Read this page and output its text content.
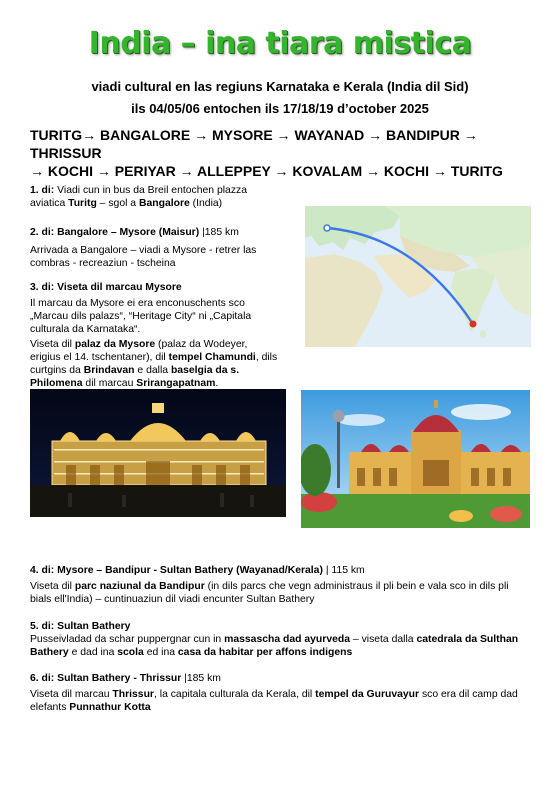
India – ina tiara mistica
viadi cultural en las regiuns Karnataka e Kerala (India dil Sid)
ils 04/05/06 entochen ils 17/18/19 d’october 2025
TURITG→ BANGALORE → MYSORE → WAYANAD → BANDIPUR → THRISSUR
→ KOCHI → PERIYAR → ALLEPPEY → KOVALAM → KOCHI → TURITG

1. di: Viadi cun in bus da Breil entochen plazza aviatica Turitg – sgol a Bangalore (India)

2. di: Bangalore – Mysore (Maisur) |185 km

Arrivada a Bangalore – viadi a Mysore - retrer las combras - recreaziun - tscheina

3. di: Viseta dil marcau Mysore

Il marcau da Mysore ei era enconuschents sco „Marcau dils palazs“, “Heritage City“ ni „Capitala culturala da Karnataka“.

Viseta dil palaz da Mysore (palaz da Wodeyer, erigius el 14. tschentaner), dil tempel Chamundi, dils curtgins da Brindavan e dalla baselgia da s. Philomena dil marcau Srirangapatnam.

4. di: Mysore – Bandipur - Sultan Bathery (Wayanad/Kerala) | 115 km

Viseta dil parc naziunal da Bandipur (in dils parcs che vegn administraus il pli bein e vala sco in dils pli bials ell'India) – cuntinuaziun dil viadi encunter Sultan Bathery

5. di: Sultan Bathery

Pusseivladad da schar puppergnar cun in massascha dad ayurveda – viseta dalla catedrala da Sulthan Bathery e dad ina scola ed ina casa da habitar per affons indigens

6. di: Sultan Bathery - Thrissur |185 km

Viseta dil marcau Thrissur, la capitala culturala da Kerala, dil tempel da Guruvayur sco era dil camp dad elefants Punnathur Kotta
